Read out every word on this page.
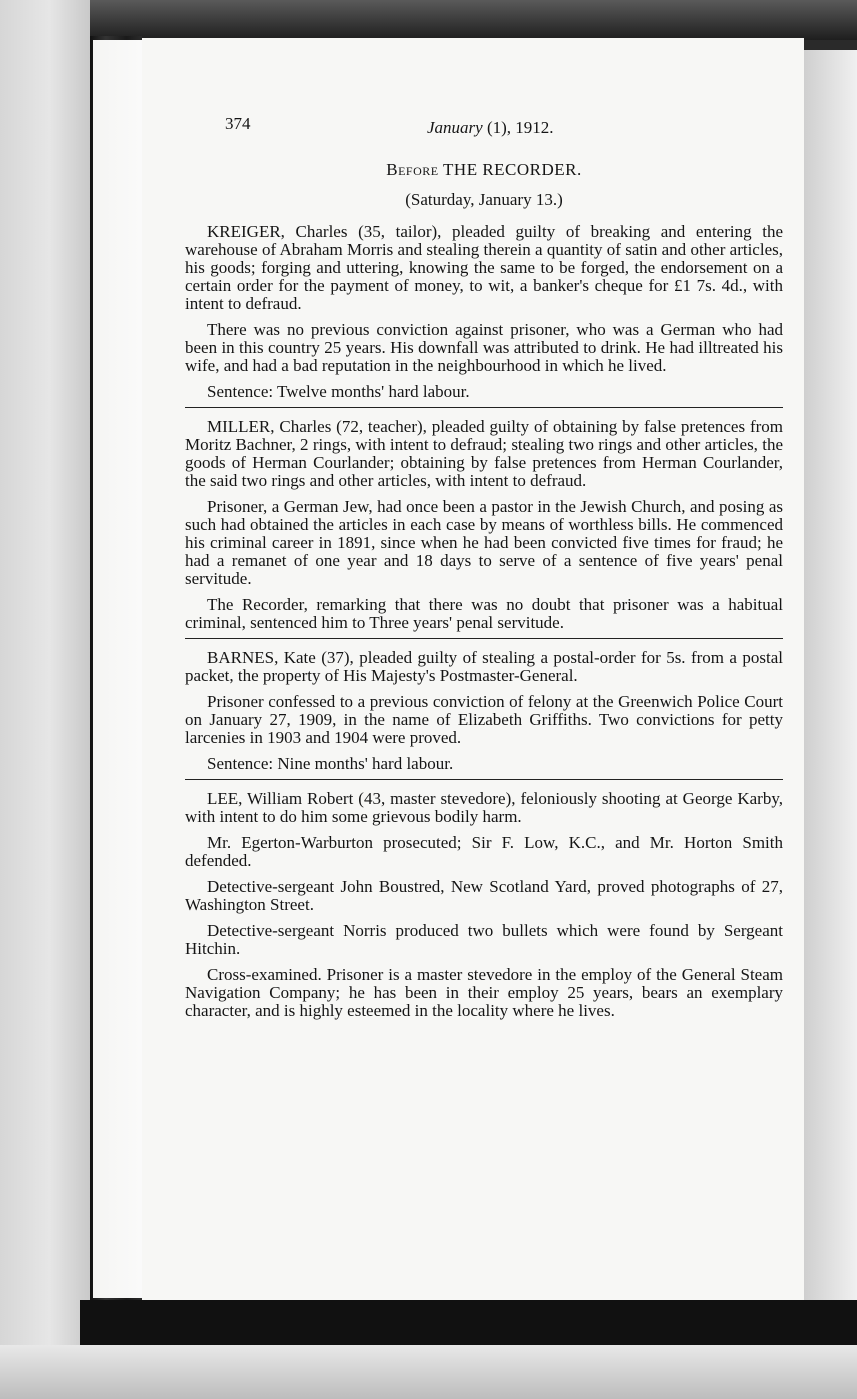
374	January (1), 1912.
Before THE RECORDER.
(Saturday, January 13.)

KREIGER, Charles (35, tailor), pleaded guilty of breaking and entering the warehouse of Abraham Morris and stealing therein a quantity of satin and other articles, his goods; forging and uttering, knowing the same to be forged, the endorsement on a certain order for the payment of money, to wit, a banker's cheque for £1 7s. 4d., with intent to defraud.

There was no previous conviction against prisoner, who was a German who had been in this country 25 years. His downfall was attributed to drink. He had illtreated his wife, and had a bad reputation in the neighbourhood in which he lived.

Sentence: Twelve months' hard labour.

MILLER, Charles (72, teacher), pleaded guilty of obtaining by false pretences from Moritz Bachner, 2 rings, with intent to defraud; stealing two rings and other articles, the goods of Herman Courlander; obtaining by false pretences from Herman Courlander, the said two rings and other articles, with intent to defraud.

Prisoner, a German Jew, had once been a pastor in the Jewish Church, and posing as such had obtained the articles in each case by means of worthless bills. He commenced his criminal career in 1891, since when he had been convicted five times for fraud; he had a remanet of one year and 18 days to serve of a sentence of five years' penal servitude.

The Recorder, remarking that there was no doubt that prisoner was a habitual criminal, sentenced him to Three years' penal servitude.

BARNES, Kate (37), pleaded guilty of stealing a postal-order for 5s. from a postal packet, the property of His Majesty's Postmaster-General.

Prisoner confessed to a previous conviction of felony at the Greenwich Police Court on January 27, 1909, in the name of Elizabeth Griffiths. Two convictions for petty larcenies in 1903 and 1904 were proved.

Sentence: Nine months' hard labour.

LEE, William Robert (43, master stevedore), feloniously shooting at George Karby, with intent to do him some grievous bodily harm.

Mr. Egerton-Warburton prosecuted; Sir F. Low, K.C., and Mr. Horton Smith defended.

Detective-sergeant John Boustred, New Scotland Yard, proved photographs of 27, Washington Street.

Detective-sergeant Norris produced two bullets which were found by Sergeant Hitchin.

Cross-examined. Prisoner is a master stevedore in the employ of the General Steam Navigation Company; he has been in their employ 25 years, bears an exemplary character, and is highly esteemed in the locality where he lives.
